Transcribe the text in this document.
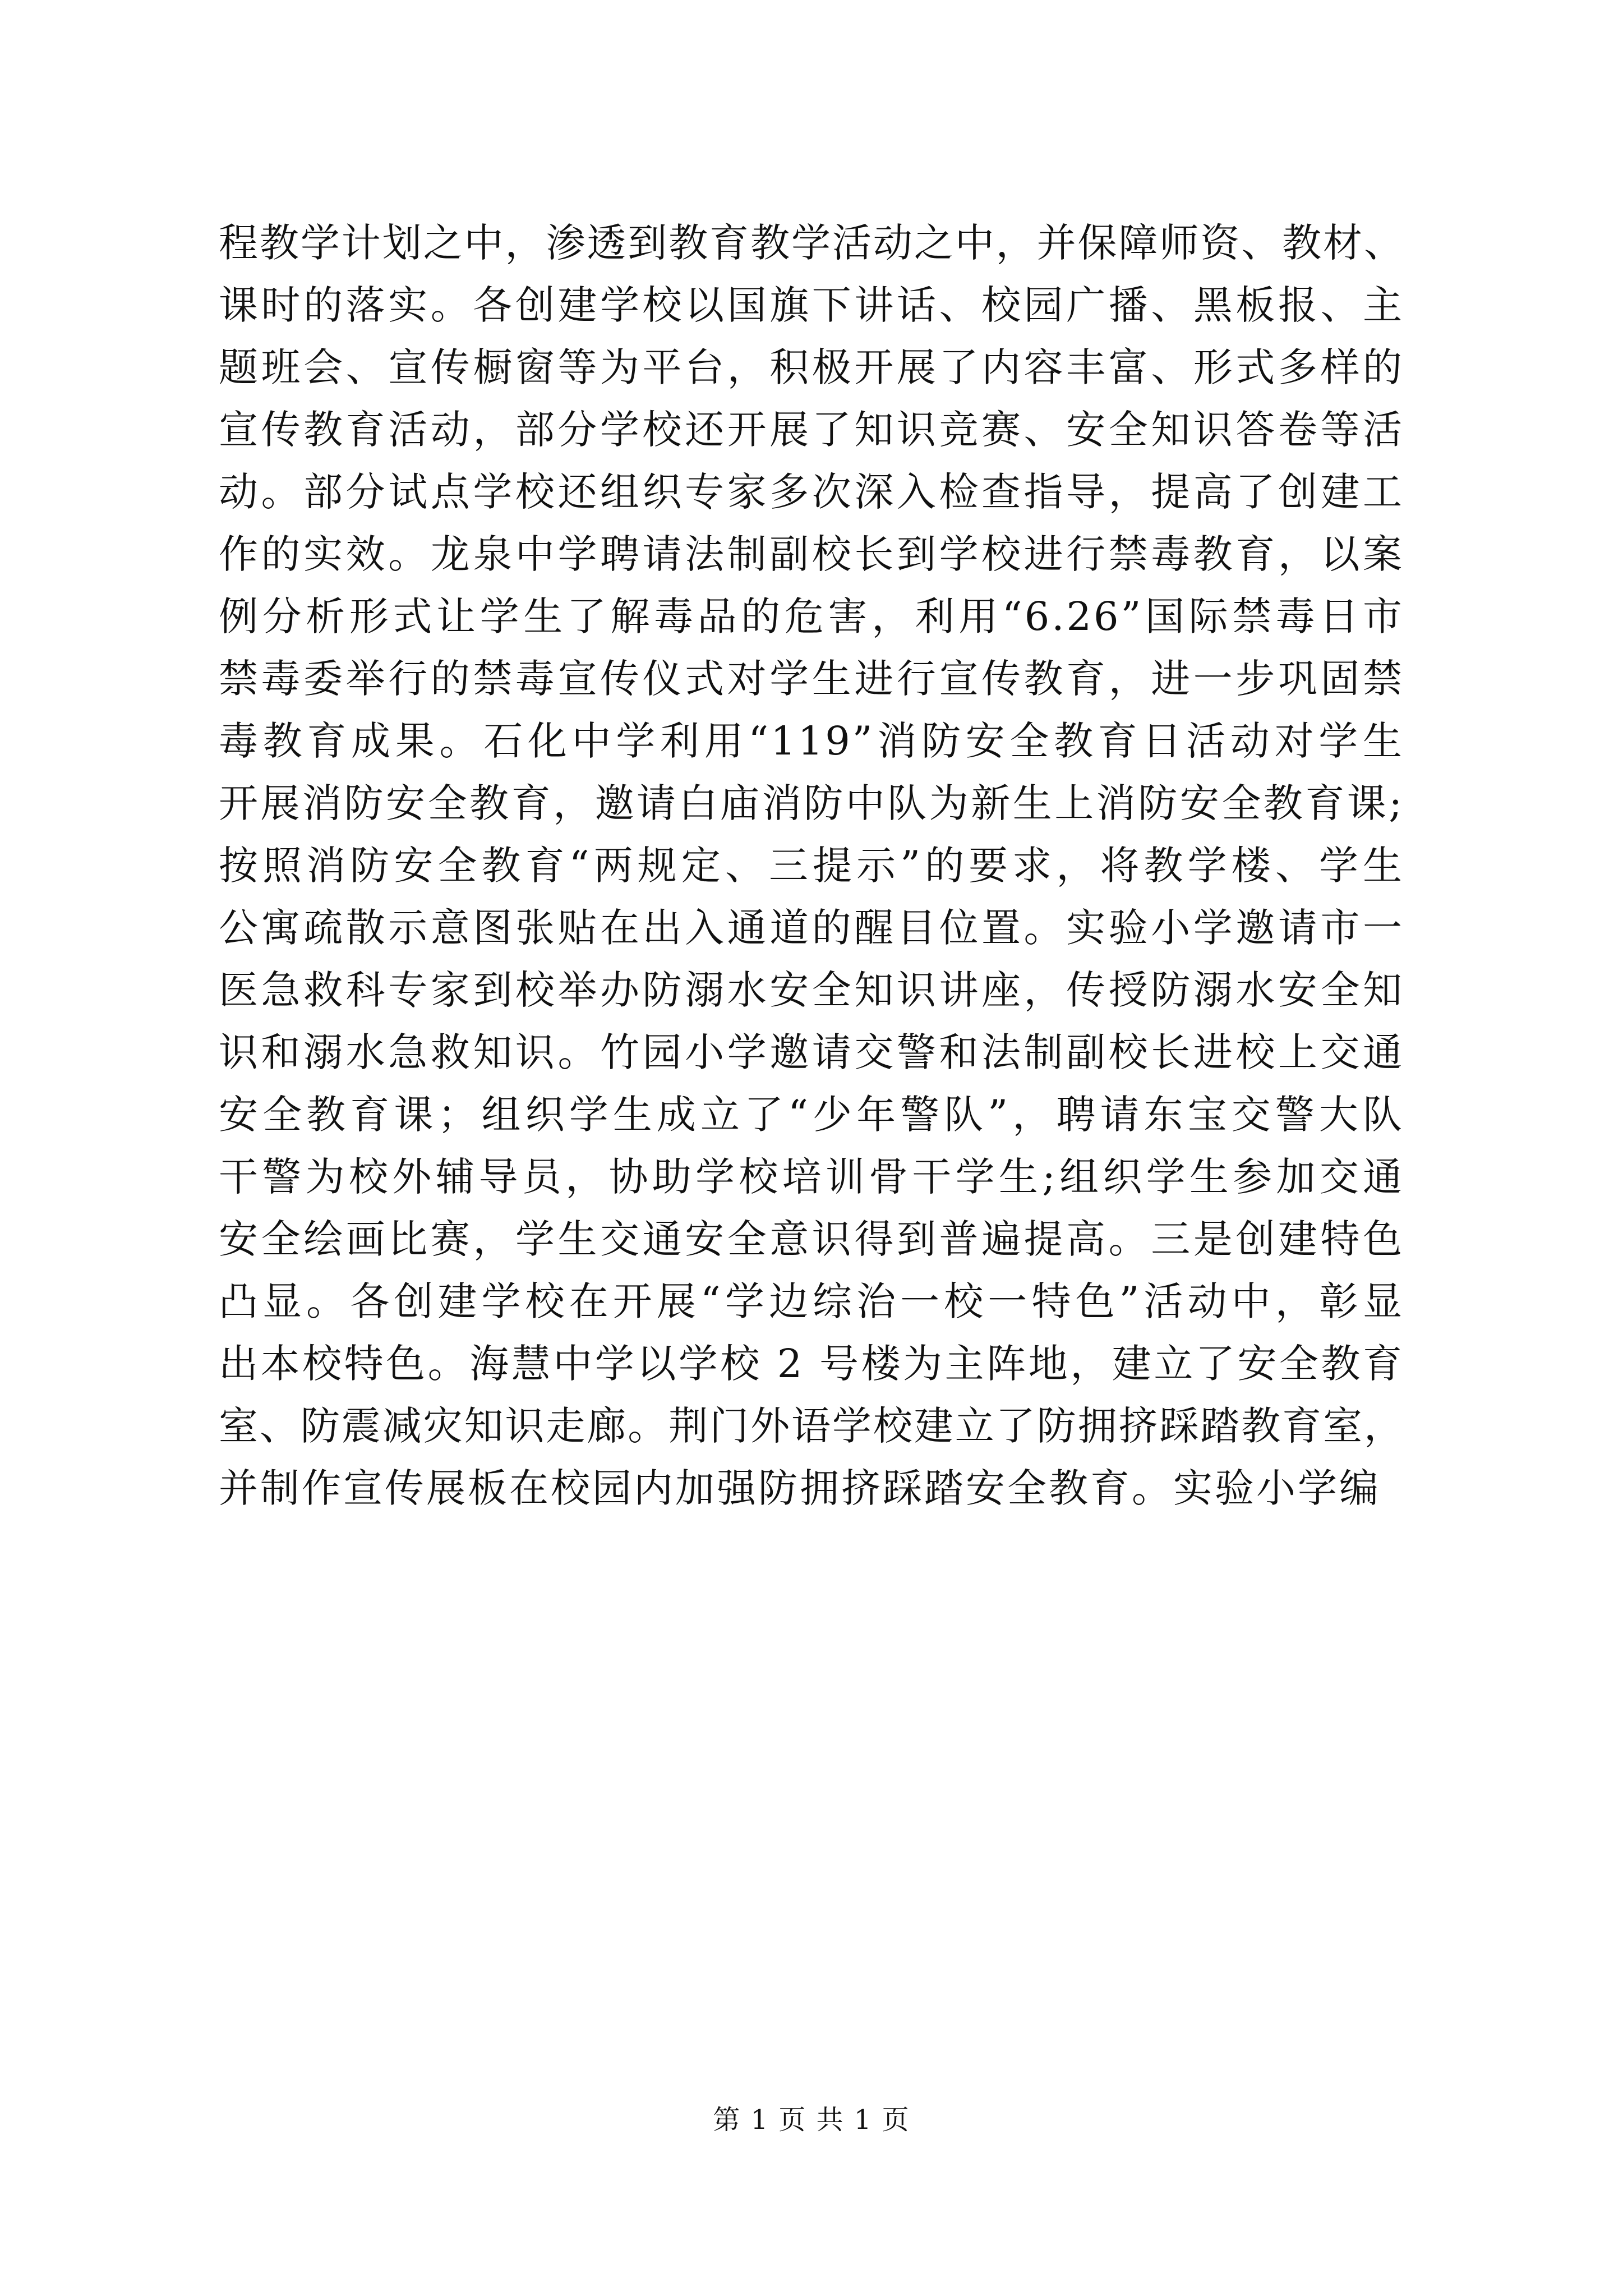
程教学计划之中，渗透到教育教学活动之中，并保障师资、教材、
课时的落实。各创建学校以国旗下讲话、校园广播、黑板报、主
题班会、宣传橱窗等为平台，积极开展了内容丰富、形式多样的
宣传教育活动，部分学校还开展了知识竞赛、安全知识答卷等活
动。部分试点学校还组织专家多次深入检查指导，提高了创建工
作的实效。龙泉中学聘请法制副校长到学校进行禁毒教育，以案
例分析形式让学生了解毒品的危害，利用“6.26”国际禁毒日市
禁毒委举行的禁毒宣传仪式对学生进行宣传教育，进一步巩固禁
毒教育成果。石化中学利用“119”消防安全教育日活动对学生
开展消防安全教育，邀请白庙消防中队为新生上消防安全教育课;
按照消防安全教育“两规定、三提示”的要求，将教学楼、学生
公寓疏散示意图张贴在出入通道的醒目位置。实验小学邀请市一
医急救科专家到校举办防溺水安全知识讲座，传授防溺水安全知
识和溺水急救知识。竹园小学邀请交警和法制副校长进校上交通
安全教育课；组织学生成立了“少年警队”，聘请东宝交警大队
干警为校外辅导员，协助学校培训骨干学生;组织学生参加交通
安全绘画比赛，学生交通安全意识得到普遍提高。三是创建特色
凸显。各创建学校在开展“学边综治一校一特色”活动中，彰显
出本校特色。海慧中学以学校 2 号楼为主阵地，建立了安全教育
室、防震减灾知识走廊。荆门外语学校建立了防拥挤踩踏教育室，
并制作宣传展板在校园内加强防拥挤踩踏安全教育。实验小学编
第 1 页 共 1 页
